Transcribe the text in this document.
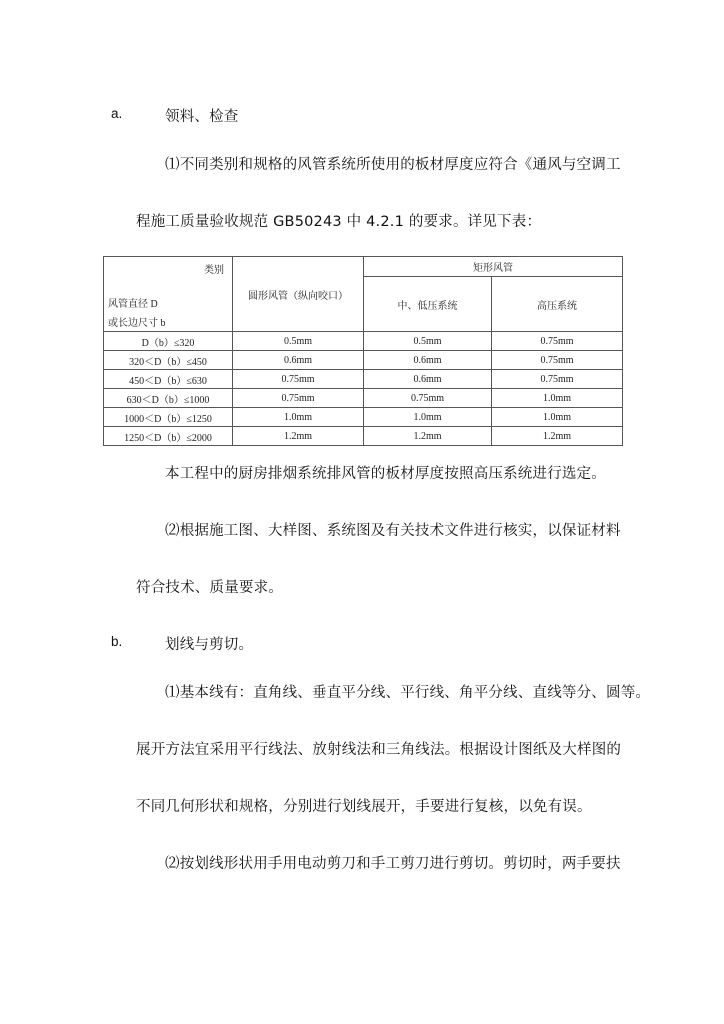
a.	领料、检查
⑴不同类别和规格的风管系统所使用的板材厚度应符合《通风与空调工
程施工质量验收规范 GB50243 中 4.2.1 的要求。详见下表：
类别
风管直径 D
或长边尺寸 b	圆形风管（纵向咬口）	矩形风管	
		中、低压系统	高压系统
D（b）≤320	0.5mm	0.5mm	0.75mm
320＜D（b）≤450	0.6mm	0.6mm	0.75mm
450＜D（b）≤630	0.75mm	0.6mm	0.75mm
630＜D（b）≤1000	0.75mm	0.75mm	1.0mm
1000＜D（b）≤1250	1.0mm	1.0mm	1.0mm
1250＜D（b）≤2000	1.2mm	1.2mm	1.2mm
本工程中的厨房排烟系统排风管的板材厚度按照高压系统进行选定。
⑵根据施工图、大样图、系统图及有关技术文件进行核实，以保证材料
符合技术、质量要求。
b.	划线与剪切。
⑴基本线有：直角线、垂直平分线、平行线、角平分线、直线等分、圆等。
展开方法宜采用平行线法、放射线法和三角线法。根据设计图纸及大样图的
不同几何形状和规格，分别进行划线展开，手要进行复核，以免有误。
⑵按划线形状用手用电动剪刀和手工剪刀进行剪切。剪切时，两手要扶
